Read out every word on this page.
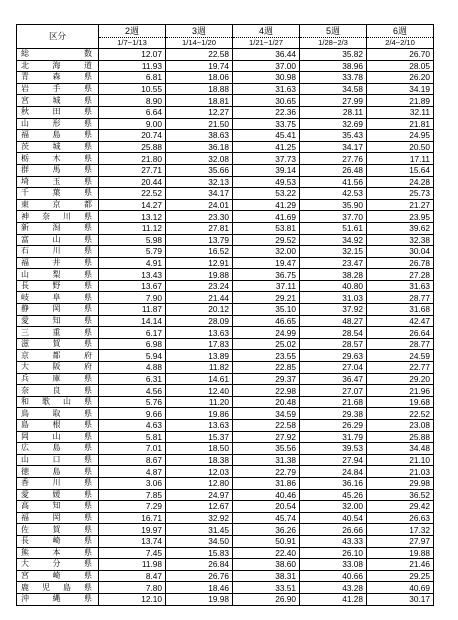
区分	2週	3週	4週	5週	6週
	1/7~1/13	1/14~1/20	1/21~1/27	1/28~2/3	2/4~2/10
総数	12.07	22.58	36.44	35.82	26.70
北海道	11.93	19.74	37.00	38.96	28.05
青森県	6.81	18.06	30.98	33.78	26.20
岩手県	10.55	18.88	31.63	34.58	34.19
宮城県	8.90	18.81	30.65	27.99	21.89
秋田県	6.64	12.27	22.36	28.11	32.11
山形県	9.00	21.50	33.75	32.69	21.81
福島県	20.74	38.63	45.41	35.43	24.95
茨城県	25.88	36.18	41.25	34.17	20.50
栃木県	21.80	32.08	37.73	27.76	17.11
群馬県	27.71	35.66	39.14	26.48	15.64
埼玉県	20.44	32.13	49.53	41.56	24.28
千葉県	22.52	34.17	53.22	42.53	25.73
東京都	14.27	24.01	41.29	35.90	21.27
神奈川県	13.12	23.30	41.69	37.70	23.95
新潟県	11.12	27.81	53.81	51.61	39.62
富山県	5.98	13.79	29.52	34.92	32.38
石川県	5.79	16.52	32.00	32.15	30.04
福井県	4.91	12.91	19.47	23.47	26.78
山梨県	13.43	19.88	36.75	38.28	27.28
長野県	13.67	23.24	37.11	40.80	31.63
岐阜県	7.90	21.44	29.21	31.03	28.77
静岡県	11.87	20.12	35.10	37.92	31.68
愛知県	14.14	28.09	46.65	48.27	42.47
三重県	6.17	13.63	24.99	28.54	26.64
滋賀県	6.98	17.83	25.02	28.57	28.77
京都府	5.94	13.89	23.55	29.63	24.59
大阪府	4.88	11.82	22.85	27.04	22.77
兵庫県	6.31	14.61	29.37	36.47	29.20
奈良県	4.56	12.40	22.98	27.07	21.96
和歌山県	5.76	11.20	20.48	21.68	19.68
鳥取県	9.66	19.86	34.59	29.38	22.52
島根県	4.63	13.63	22.58	26.29	23.08
岡山県	5.81	15.37	27.92	31.79	25.88
広島県	7.01	18.50	35.56	39.53	34.48
山口県	8.67	18.38	31.38	27.94	21.10
徳島県	4.87	12.03	22.79	24.84	21.03
香川県	3.06	12.80	31.86	36.16	29.98
愛媛県	7.85	24.97	40.46	45.26	36.52
高知県	7.29	12.67	20.54	32.00	29.42
福岡県	16.71	32.92	45.74	40.54	26.63
佐賀県	19.97	31.45	36.26	26.66	17.32
長崎県	13.74	34.50	50.91	43.33	27.97
熊本県	7.45	15.83	22.40	26.10	19.88
大分県	11.98	26.84	38.60	33.08	21.46
宮崎県	8.47	26.76	38.31	40.66	29.25
鹿児島県	7.80	18.46	33.51	43.28	40.69
沖縄県	12.10	19.98	26.90	41.28	30.17
